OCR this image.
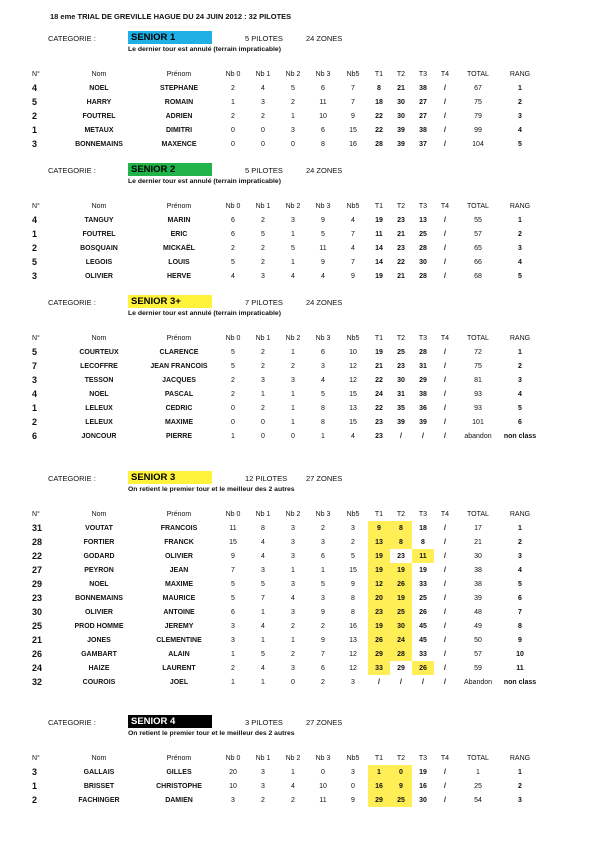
18 eme TRIAL DE GREVILLE HAGUE DU 24 JUIN 2012 : 32 PILOTES
CATEGORIE :	SENIOR 1	5 PILOTES	24 ZONES
Le dernier tour est annulé (terrain impraticable)
N°	Nom	Prénom	Nb 0	Nb 1	Nb 2	Nb 3	Nb5	T1	T2	T3	T4	TOTAL	RANG
4	NOEL	STEPHANE	2	4	5	6	7	8	21	38	/	67	1
5	HARRY	ROMAIN	1	3	2	11	7	18	30	27	/	75	2
2	FOUTREL	ADRIEN	2	2	1	10	9	22	30	27	/	79	3
1	METAUX	DIMITRI	0	0	3	6	15	22	39	38	/	99	4
3	BONNEMAINS	MAXENCE	0	0	0	8	16	28	39	37	/	104	5
CATEGORIE :	SENIOR 2	5 PILOTES	24 ZONES
Le dernier tour est annulé (terrain impraticable)
N°	Nom	Prénom	Nb 0	Nb 1	Nb 2	Nb 3	Nb5	T1	T2	T3	T4	TOTAL	RANG
4	TANGUY	MARIN	6	2	3	9	4	19	23	13	/	55	1
1	FOUTREL	ERIC	6	5	1	5	7	11	21	25	/	57	2
2	BOSQUAIN	MICKAËL	2	2	5	11	4	14	23	28	/	65	3
5	LEGOIS	LOUIS	5	2	1	9	7	14	22	30	/	66	4
3	OLIVIER	HERVE	4	3	4	4	9	19	21	28	/	68	5
CATEGORIE :	SENIOR 3+	7 PILOTES	24 ZONES
Le dernier tour est annulé (terrain impraticable)
N°	Nom	Prénom	Nb 0	Nb 1	Nb 2	Nb 3	Nb5	T1	T2	T3	T4	TOTAL	RANG
5	COURTEUX	CLARENCE	5	2	1	6	10	19	25	28	/	72	1
7	LECOFFRE	JEAN FRANCOIS	5	2	2	3	12	21	23	31	/	75	2
3	TESSON	JACQUES	2	3	3	4	12	22	30	29	/	81	3
4	NOEL	PASCAL	2	1	1	5	15	24	31	38	/	93	4
1	LELEUX	CEDRIC	0	2	1	8	13	22	35	36	/	93	5
2	LELEUX	MAXIME	0	0	1	8	15	23	39	39	/	101	6
6	JONCOUR	PIERRE	1	0	0	1	4	23	/	/	/	abandon	non class
CATEGORIE :	SENIOR 3	12 PILOTES	27 ZONES
On retient le premier tour et le meilleur des 2 autres
N°	Nom	Prénom	Nb 0	Nb 1	Nb 2	Nb 3	Nb5	T1	T2	T3	T4	TOTAL	RANG
31	VOUTAT	FRANCOIS	11	8	3	2	3	9	8	18	/	17	1
28	FORTIER	FRANCK	15	4	3	3	2	13	8	8	/	21	2
22	GODARD	OLIVIER	9	4	3	6	5	19	23	11	/	30	3
27	PEYRON	JEAN	7	3	1	1	15	19	19	19	/	38	4
29	NOEL	MAXIME	5	5	3	5	9	12	26	33	/	38	5
23	BONNEMAINS	MAURICE	5	7	4	3	8	20	19	25	/	39	6
30	OLIVIER	ANTOINE	6	1	3	9	8	23	25	26	/	48	7
25	PROD HOMME	JEREMY	3	4	2	2	16	19	30	45	/	49	8
21	JONES	CLEMENTINE	3	1	1	9	13	26	24	45	/	50	9
26	GAMBART	ALAIN	1	5	2	7	12	29	28	33	/	57	10
24	HAIZE	LAURENT	2	4	3	6	12	33	29	26	/	59	11
32	COUROIS	JOEL	1	1	0	2	3	/	/	/	/	Abandon	non class
CATEGORIE :	SENIOR 4	3 PILOTES	27 ZONES
On retient le premier tour et le meilleur des 2 autres
N°	Nom	Prénom	Nb 0	Nb 1	Nb 2	Nb 3	Nb5	T1	T2	T3	T4	TOTAL	RANG
3	GALLAIS	GILLES	20	3	1	0	3	1	0	19	/	1	1
1	BRISSET	CHRISTOPHE	10	3	4	10	0	16	9	16	/	25	2
2	FACHINGER	DAMIEN	3	2	2	11	9	29	25	30	/	54	3
